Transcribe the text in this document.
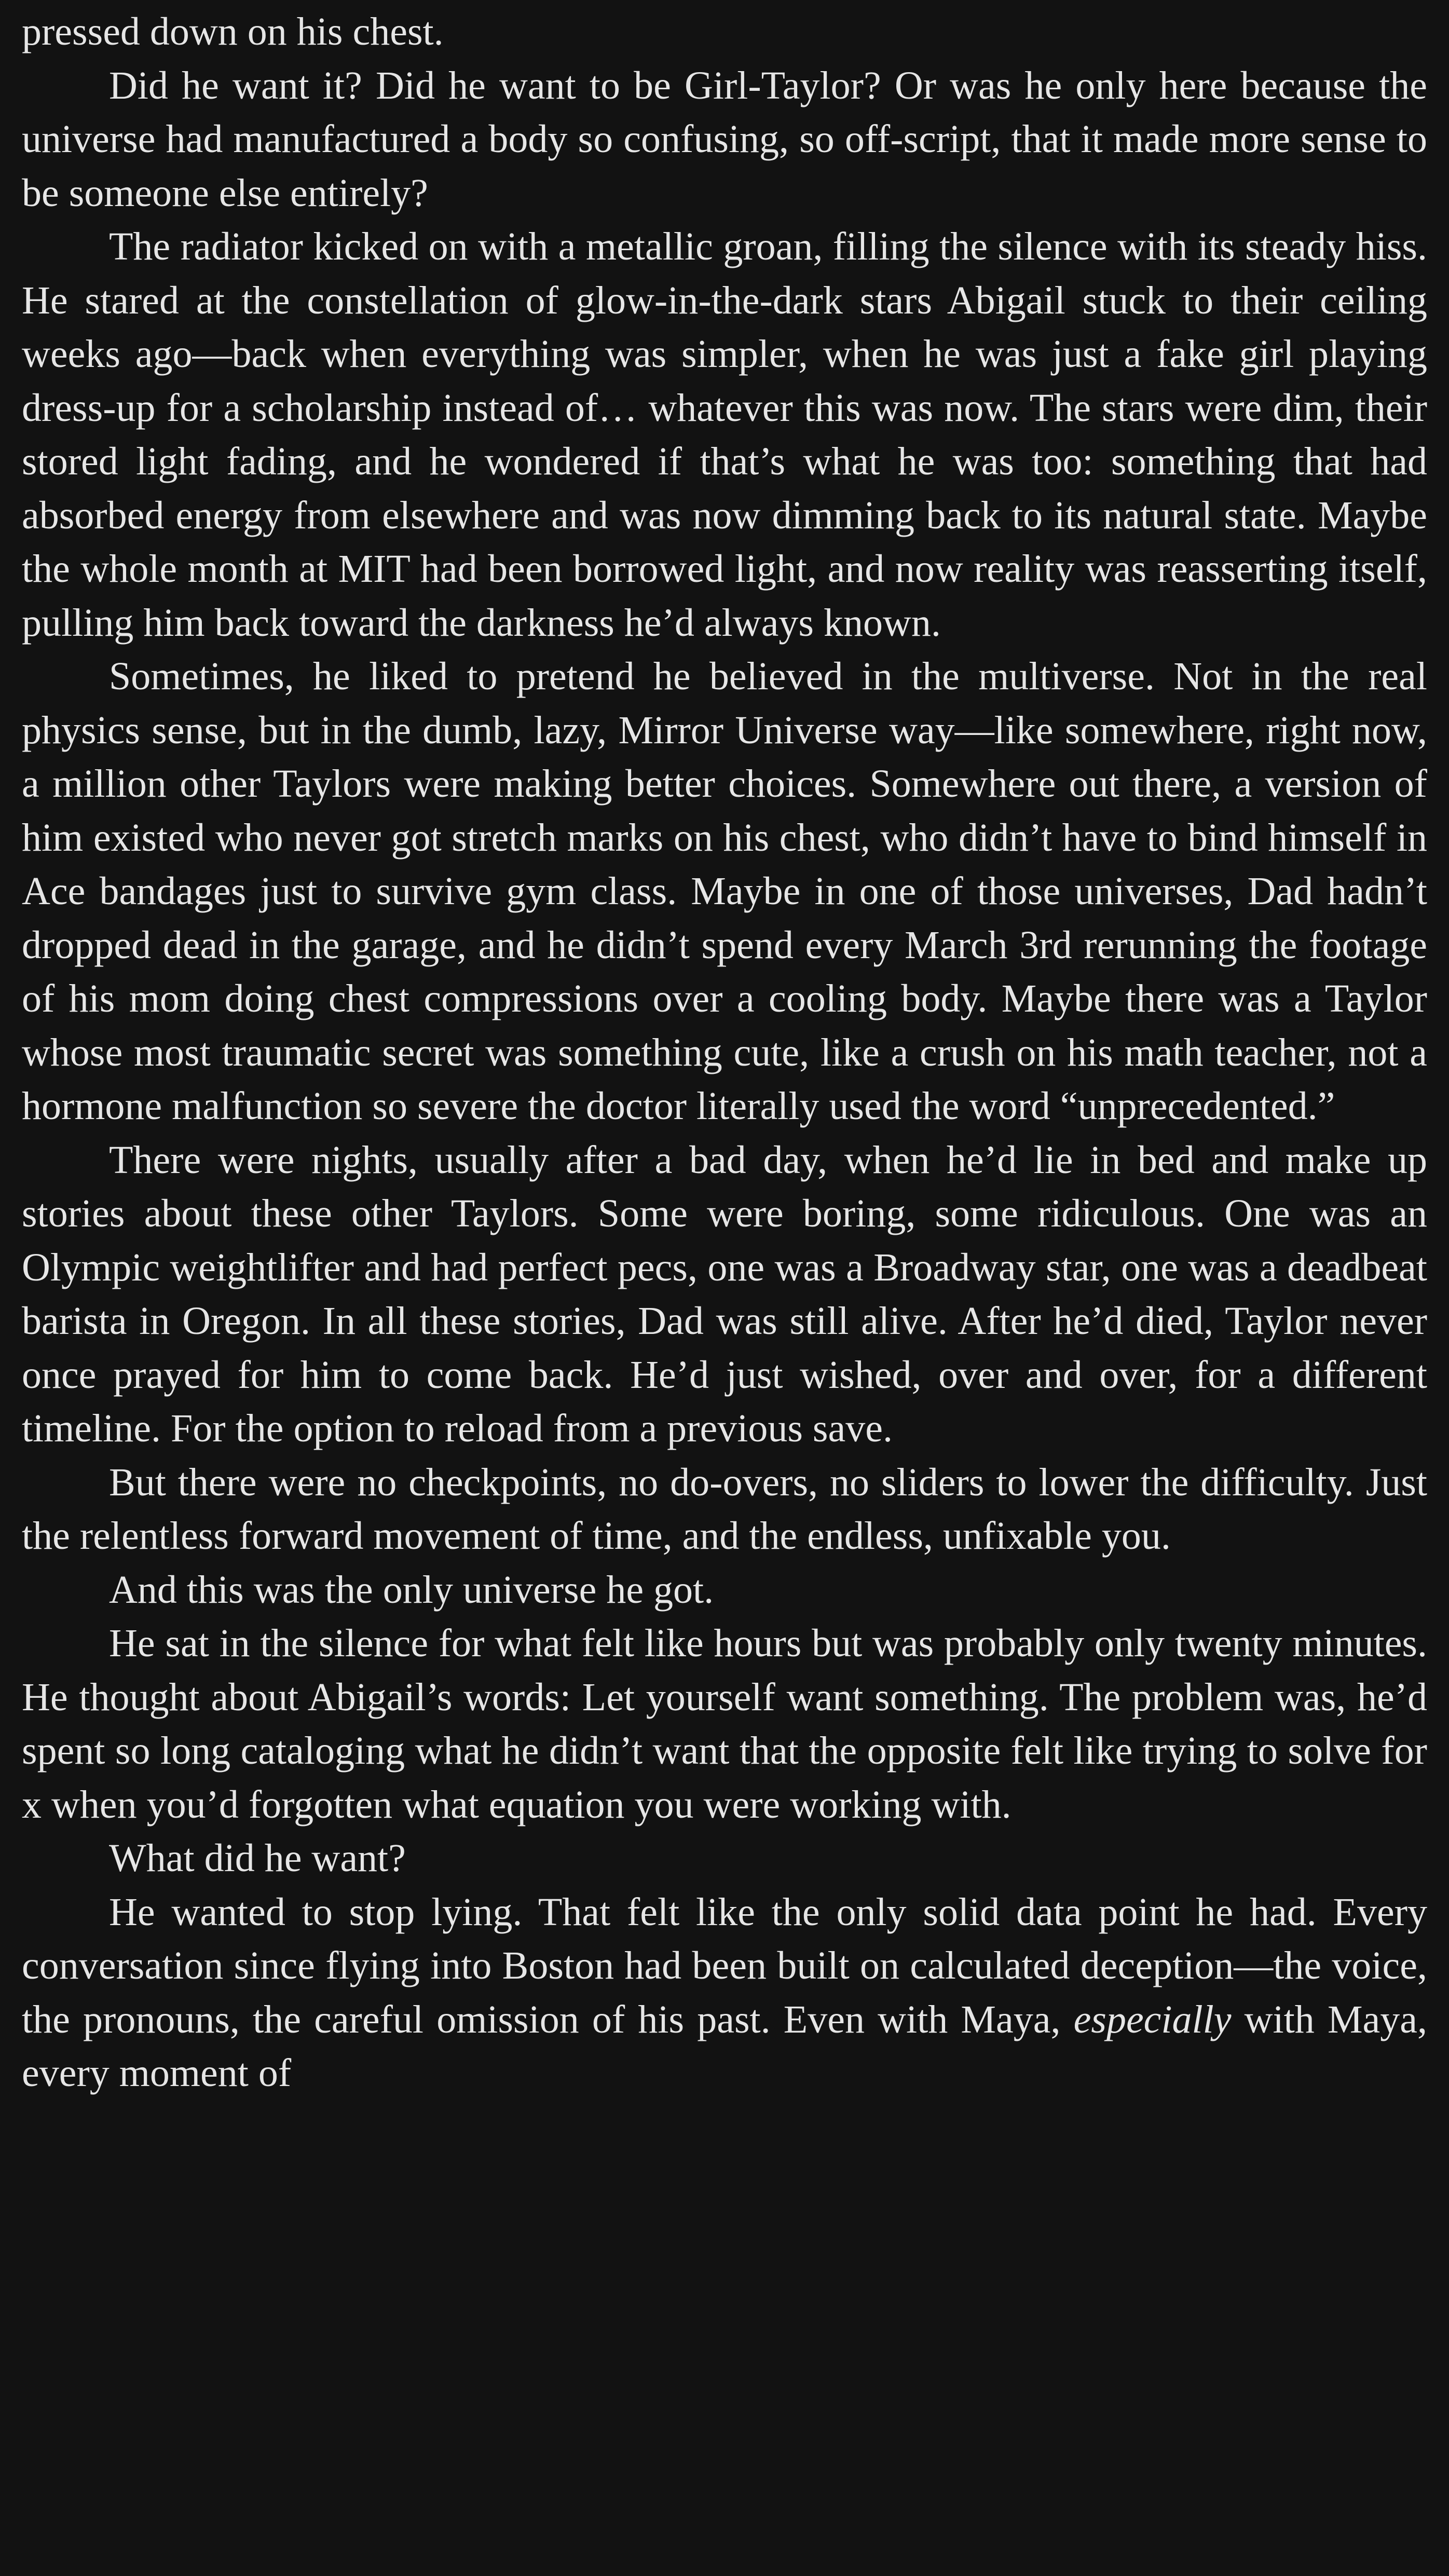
pressed down on his chest.

Did he want it? Did he want to be Girl-Taylor? Or was he only here because the universe had manufactured a body so confusing, so off-script, that it made more sense to be someone else entirely?

The radiator kicked on with a metallic groan, filling the silence with its steady hiss. He stared at the constellation of glow-in-the-dark stars Abigail stuck to their ceiling weeks ago—back when everything was simpler, when he was just a fake girl playing dress-up for a scholarship instead of… whatever this was now. The stars were dim, their stored light fading, and he wondered if that’s what he was too: something that had absorbed energy from elsewhere and was now dimming back to its natural state. Maybe the whole month at MIT had been borrowed light, and now reality was reasserting itself, pulling him back toward the darkness he’d always known.

Sometimes, he liked to pretend he believed in the multiverse. Not in the real physics sense, but in the dumb, lazy, Mirror Universe way—like somewhere, right now, a million other Taylors were making better choices. Somewhere out there, a version of him existed who never got stretch marks on his chest, who didn’t have to bind himself in Ace bandages just to survive gym class. Maybe in one of those universes, Dad hadn’t dropped dead in the garage, and he didn’t spend every March 3rd rerunning the footage of his mom doing chest compressions over a cooling body. Maybe there was a Taylor whose most traumatic secret was something cute, like a crush on his math teacher, not a hormone malfunction so severe the doctor literally used the word “unprecedented.”

There were nights, usually after a bad day, when he’d lie in bed and make up stories about these other Taylors. Some were boring, some ridiculous. One was an Olympic weightlifter and had perfect pecs, one was a Broadway star, one was a deadbeat barista in Oregon. In all these stories, Dad was still alive. After he’d died, Taylor never once prayed for him to come back. He’d just wished, over and over, for a different timeline. For the option to reload from a previous save.

But there were no checkpoints, no do-overs, no sliders to lower the difficulty. Just the relentless forward movement of time, and the endless, unfixable you.

And this was the only universe he got.

He sat in the silence for what felt like hours but was probably only twenty minutes. He thought about Abigail’s words: Let yourself want something. The problem was, he’d spent so long cataloging what he didn’t want that the opposite felt like trying to solve for x when you’d forgotten what equation you were working with.

What did he want?

He wanted to stop lying. That felt like the only solid data point he had. Every conversation since flying into Boston had been built on calculated deception—the voice, the pronouns, the careful omission of his past. Even with Maya, especially with Maya, every moment of
